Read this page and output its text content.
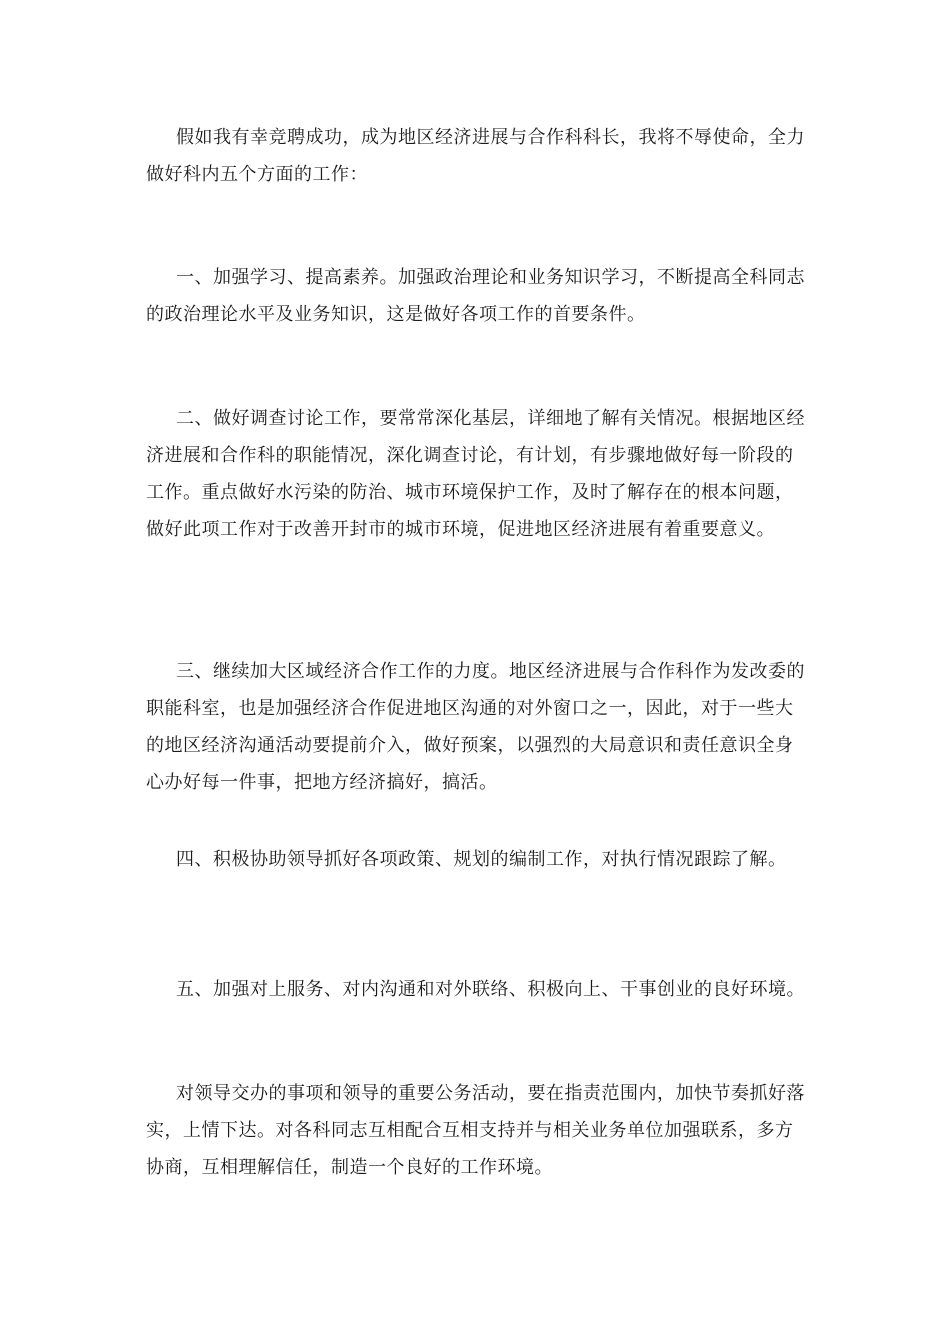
假如我有幸竞聘成功，成为地区经济进展与合作科科长，我将不辱使命，全力做好科内五个方面的工作：

一、加强学习、提高素养。加强政治理论和业务知识学习，不断提高全科同志的政治理论水平及业务知识，这是做好各项工作的首要条件。

二、做好调查讨论工作，要常常深化基层，详细地了解有关情况。根据地区经济进展和合作科的职能情况，深化调查讨论，有计划，有步骤地做好每一阶段的工作。重点做好水污染的防治、城市环境保护工作，及时了解存在的根本问题，做好此项工作对于改善开封市的城市环境，促进地区经济进展有着重要意义。

三、继续加大区域经济合作工作的力度。地区经济进展与合作科作为发改委的职能科室，也是加强经济合作促进地区沟通的对外窗口之一，因此，对于一些大的地区经济沟通活动要提前介入，做好预案，以强烈的大局意识和责任意识全身心办好每一件事，把地方经济搞好，搞活。

四、积极协助领导抓好各项政策、规划的编制工作，对执行情况跟踪了解。

五、加强对上服务、对内沟通和对外联络、积极向上、干事创业的良好环境。

对领导交办的事项和领导的重要公务活动，要在指责范围内，加快节奏抓好落实，上情下达。对各科同志互相配合互相支持并与相关业务单位加强联系，多方协商，互相理解信任，制造一个良好的工作环境。
